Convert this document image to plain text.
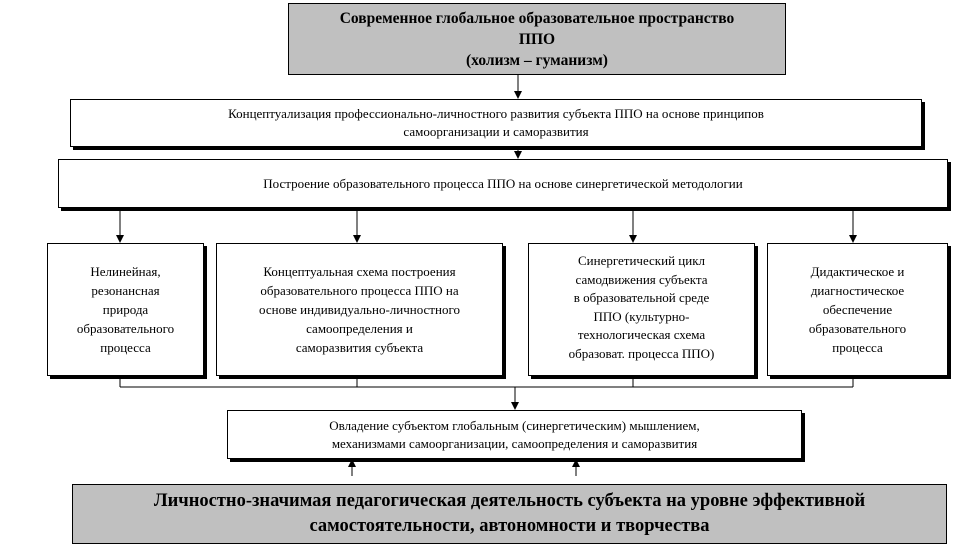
Современное глобальное образовательное пространство
ППО
(холизм – гуманизм)
Концептуализация профессионально-личностного развития субъекта ППО на основе принципов
самоорганизации и саморазвития
Построение образовательного процесса ППО на основе синергетической методологии
Нелинейная,
резонансная
природа
образовательного
процесса
Концептуальная схема построения
образовательного процесса ППО на
основе индивидуально-личностного
самоопределения и
саморазвития субъекта
Синергетический цикл
самодвижения субъекта
в образовательной среде
ППО (культурно-
технологическая схема
образоват. процесса ППО)
Дидактическое и
диагностическое
обеспечение
образовательного
процесса
Овладение субъектом глобальным (синергетическим) мышлением,
механизмами самоорганизации, самоопределения и саморазвития
Личностно-значимая педагогическая деятельность субъекта на уровне эффективной
самостоятельности, автономности и творчества
